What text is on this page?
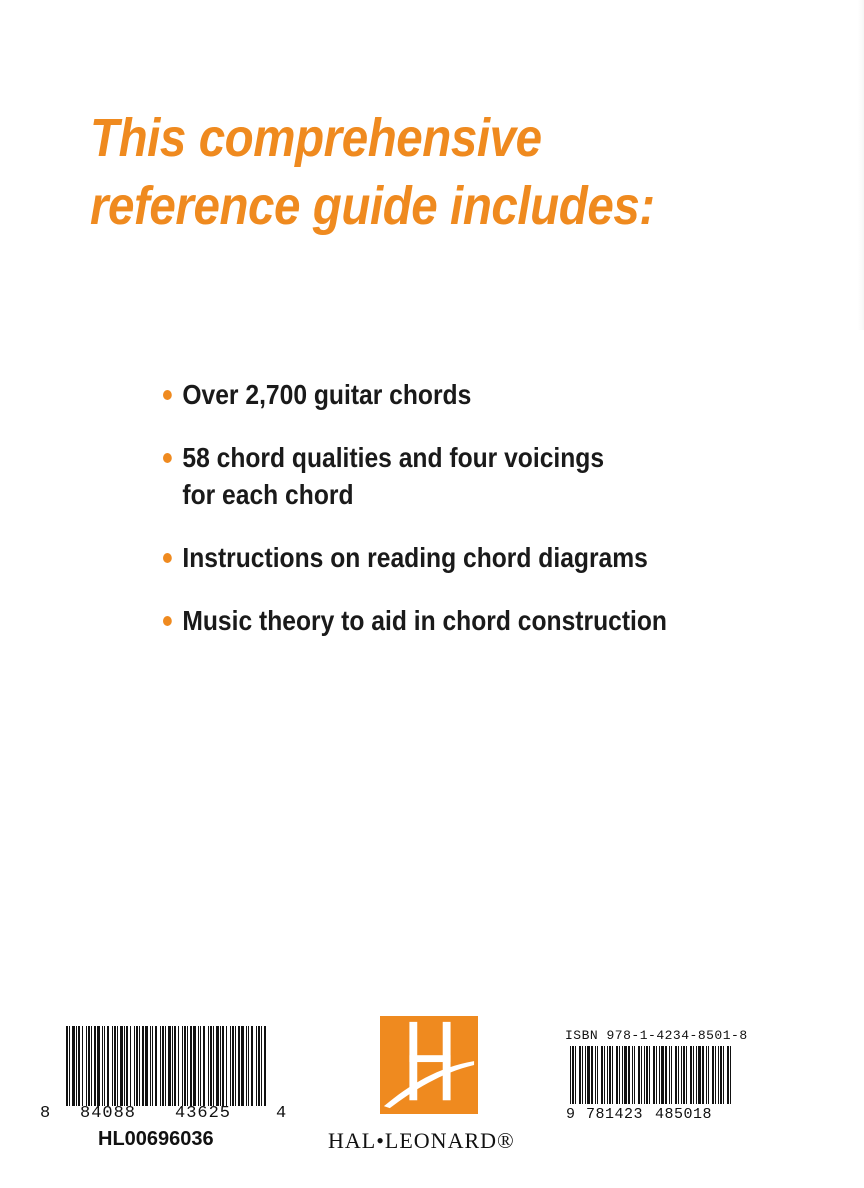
This comprehensive
reference guide includes:
Over 2,700 guitar chords
58 chord qualities and four voicings
for each chord
Instructions on reading chord diagrams
Music theory to aid in chord construction
8 84088 43625	4
HL00696036	HAL•LEONARD®
ISBN 978-1-4234-8501-8
9 781423 485018
